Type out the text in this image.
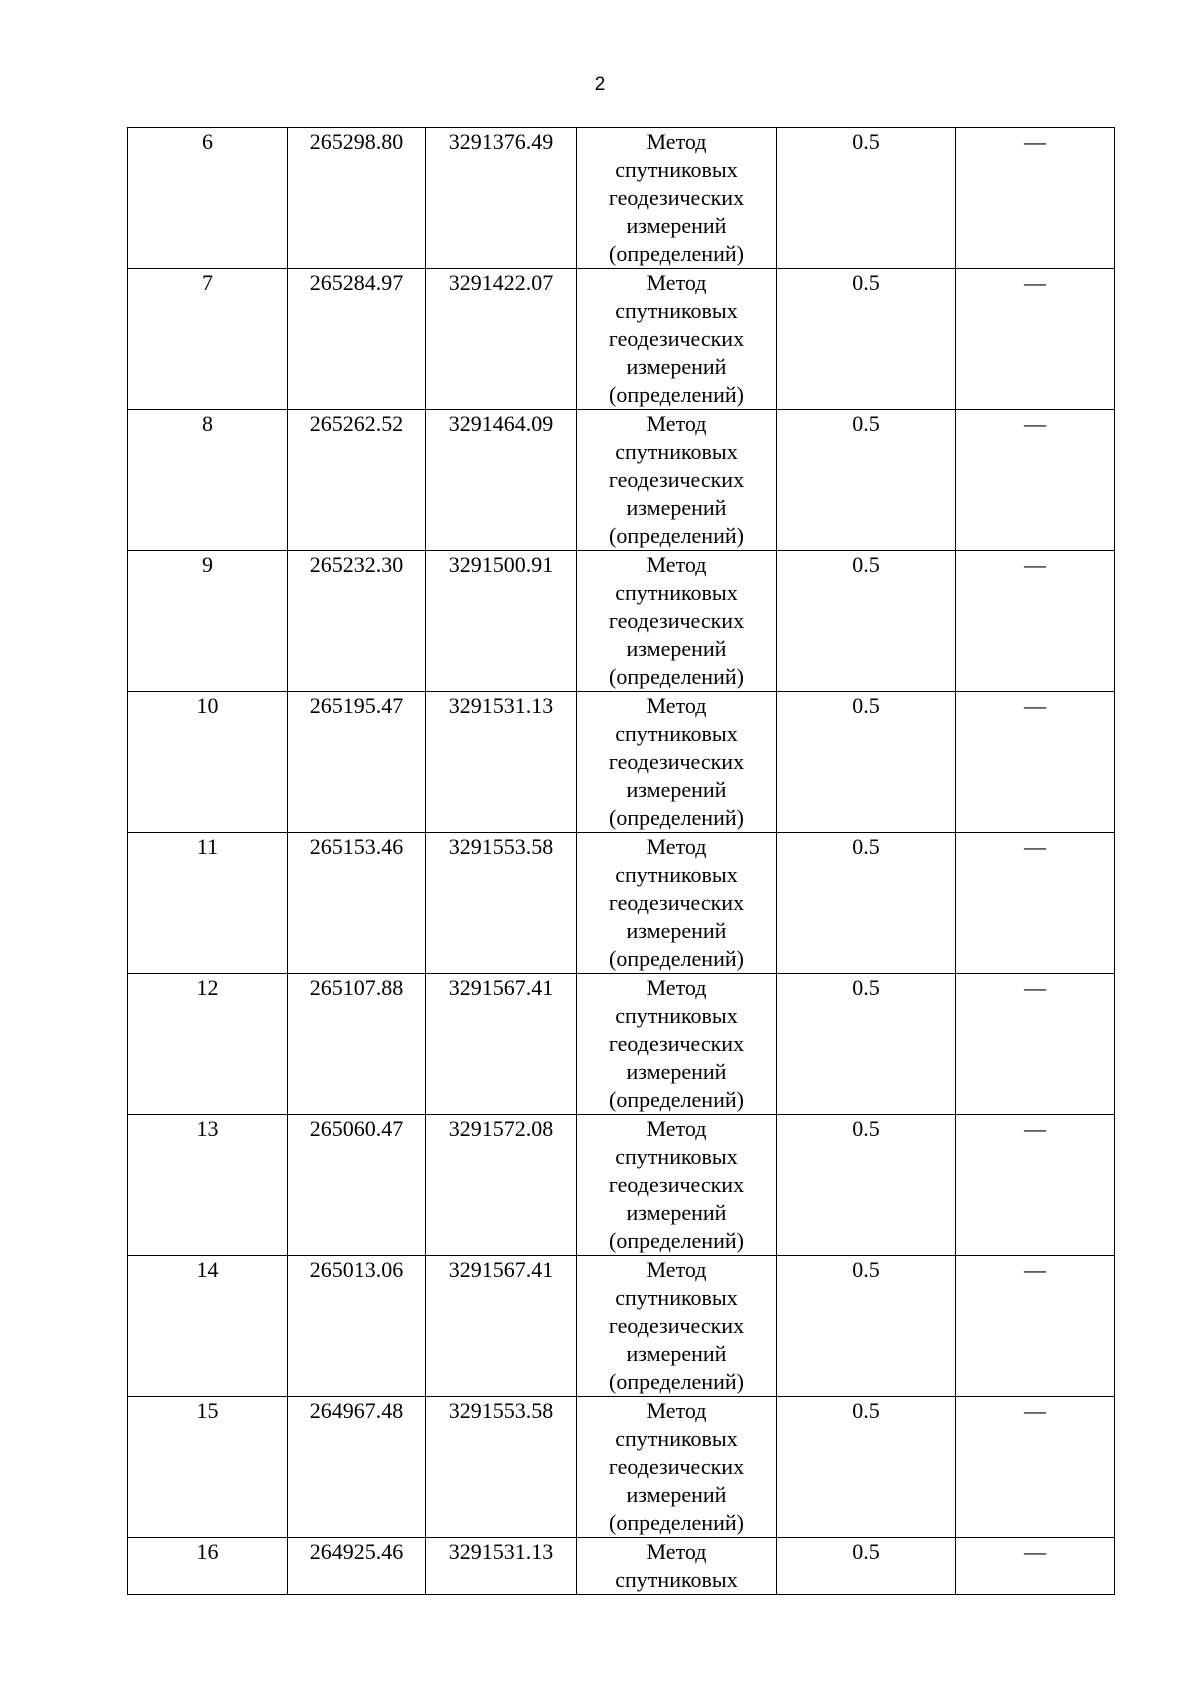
2
6	265298.80	3291376.49	Метод спутниковых геодезических измерений (определений)	0.5	—
7	265284.97	3291422.07	Метод спутниковых геодезических измерений (определений)	0.5	—
8	265262.52	3291464.09	Метод спутниковых геодезических измерений (определений)	0.5	—
9	265232.30	3291500.91	Метод спутниковых геодезических измерений (определений)	0.5	—
10	265195.47	3291531.13	Метод спутниковых геодезических измерений (определений)	0.5	—
11	265153.46	3291553.58	Метод спутниковых геодезических измерений (определений)	0.5	—
12	265107.88	3291567.41	Метод спутниковых геодезических измерений (определений)	0.5	—
13	265060.47	3291572.08	Метод спутниковых геодезических измерений (определений)	0.5	—
14	265013.06	3291567.41	Метод спутниковых геодезических измерений (определений)	0.5	—
15	264967.48	3291553.58	Метод спутниковых геодезических измерений (определений)	0.5	—
16	264925.46	3291531.13	Метод спутниковых	0.5	—
